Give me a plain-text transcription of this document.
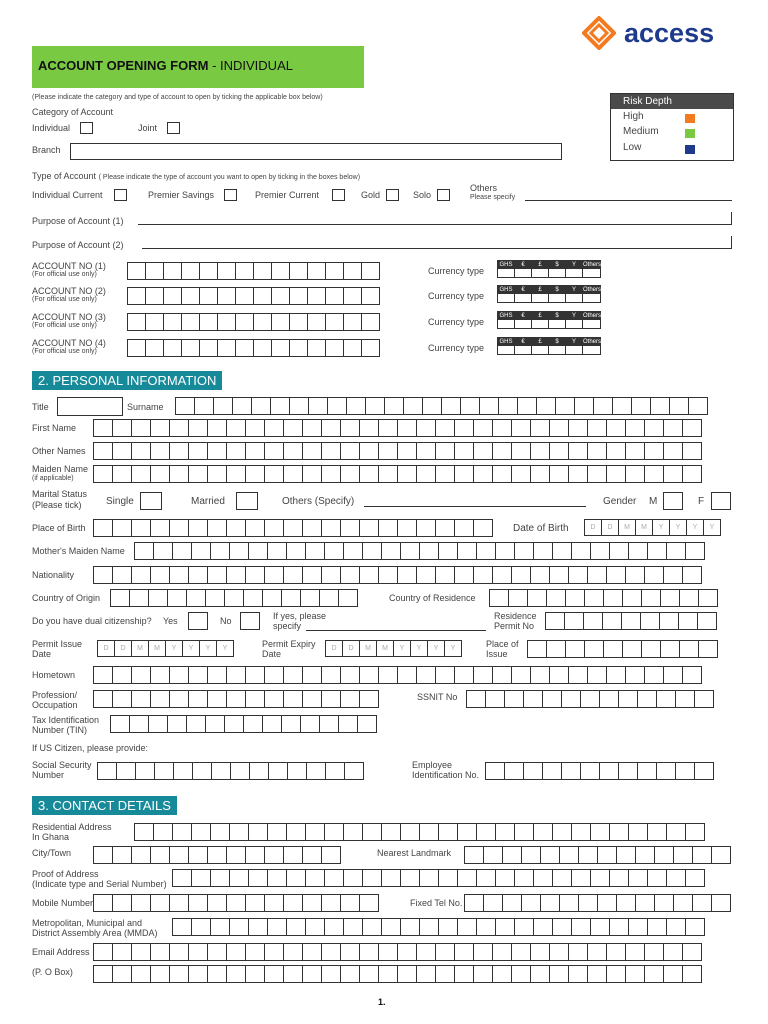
access
ACCOUNT OPENING FORM - INDIVIDUAL
(Please indicate the category and type of account to open by ticking the applicable box below)	Risk Depth
High
Medium
Low
Category of Account
Individual	Joint
Branch
Type of Account ( Please indicate the type of account you want to open by ticking in the boxes below)
Individual Current	Premier Savings	Premier Current	Gold	Solo
Others
Please specify
Purpose of Account (1)
Purpose of Account (2)
2. PERSONAL INFORMATION
3. CONTACT DETAILS
1.
ACCOUNT NO (1)
(For official use only)	Currency type
GHS	€	£	$	Y	Others
ACCOUNT NO (2)
(For official use only)	Currency type
GHS	€	£	$	Y	Others
ACCOUNT NO (3)
(For official use only)	Currency type
GHS	€	£	$	Y	Others
ACCOUNT NO (4)
(For official use only)	Currency type
GHS	€	£	$	Y	Others
Title	Surname
First Name
Other Names
Maiden Name
(if applicable)
Marital Status
(Please tick) Single	Married	Others (Specify)	Gender M	F
Place of Birth	Date of Birth	D	D	M	M	Y	Y	Y	Y
Mother's Maiden Name
Nationality
Country of Origin	Country of Residence
Do you have dual citizenship? Yes	No	If yes, please
specify
Residence
Permit No
Permit Issue
Date
D	D	M	M	Y	Y	Y	Y	Permit Expiry
Date
D	D	M	M	Y	Y	Y	Y	Place of
Issue
Hometown
Profession/
Occupation
SSNIT No
Tax Identification
Number (TIN)
If US Citizen, please provide:
Social Security
Number
Employee
Identification No.
Residential Address
In Ghana
City/Town	Nearest Landmark
Proof of Address
(Indicate type and Serial Number)
Mobile Number	Fixed Tel No.
Metropolitan, Municipal and
District Assembly Area (MMDA)
Email Address
(P. O Box)
